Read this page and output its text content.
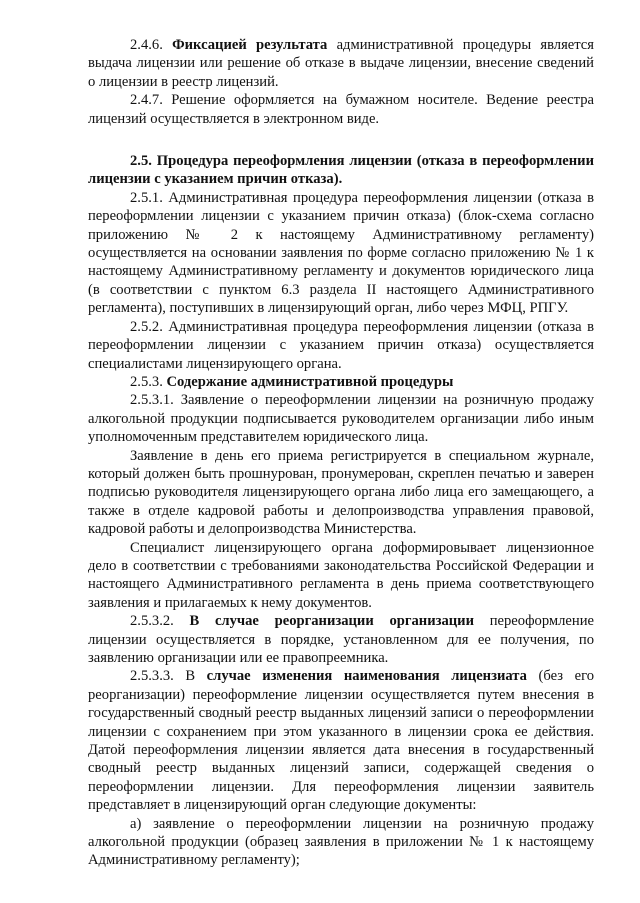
2.4.6. Фиксацией результата административной процедуры является выдача лицензии или решение об отказе в выдаче лицензии, внесение сведений о лицензии в реестр лицензий.

2.4.7. Решение оформляется на бумажном носителе. Ведение реестра лицензий осуществляется в электронном виде.

2.5. Процедура переоформления лицензии (отказа в переоформлении лицензии с указанием причин отказа).

2.5.1. Административная процедура переоформления лицензии (отказа в переоформлении лицензии с указанием причин отказа) (блок-схема согласно приложению № 2 к настоящему Административному регламенту) осуществляется на основании заявления по форме согласно приложению № 1 к настоящему Административному регламенту и документов юридического лица (в соответствии с пунктом 6.3 раздела II настоящего Административного регламента), поступивших в лицензирующий орган, либо через МФЦ, РПГУ.

2.5.2. Административная процедура переоформления лицензии (отказа в переоформлении лицензии с указанием причин отказа) осуществляется специалистами лицензирующего органа.

2.5.3. Содержание административной процедуры

2.5.3.1. Заявление о переоформлении лицензии на розничную продажу алкогольной продукции подписывается руководителем организации либо иным уполномоченным представителем юридического лица.

Заявление в день его приема регистрируется в специальном журнале, который должен быть прошнурован, пронумерован, скреплен печатью и заверен подписью руководителя лицензирующего органа либо лица его замещающего, а также в отделе кадровой работы и делопроизводства управления правовой, кадровой работы и делопроизводства Министерства.

Специалист лицензирующего органа доформировывает лицензионное дело в соответствии с требованиями законодательства Российской Федерации и настоящего Административного регламента в день приема соответствующего заявления и прилагаемых к нему документов.

2.5.3.2. В случае реорганизации организации переоформление лицензии осуществляется в порядке, установленном для ее получения, по заявлению организации или ее правопреемника.

2.5.3.3. В случае изменения наименования лицензиата (без его реорганизации) переоформление лицензии осуществляется путем внесения в государственный сводный реестр выданных лицензий записи о переоформлении лицензии с сохранением при этом указанного в лицензии срока ее действия. Датой переоформления лицензии является дата внесения в государственный сводный реестр выданных лицензий записи, содержащей сведения о переоформлении лицензии. Для переоформления лицензии заявитель представляет в лицензирующий орган следующие документы:

а) заявление о переоформлении лицензии на розничную продажу алкогольной продукции (образец заявления в приложении № 1 к настоящему Административному регламенту);
